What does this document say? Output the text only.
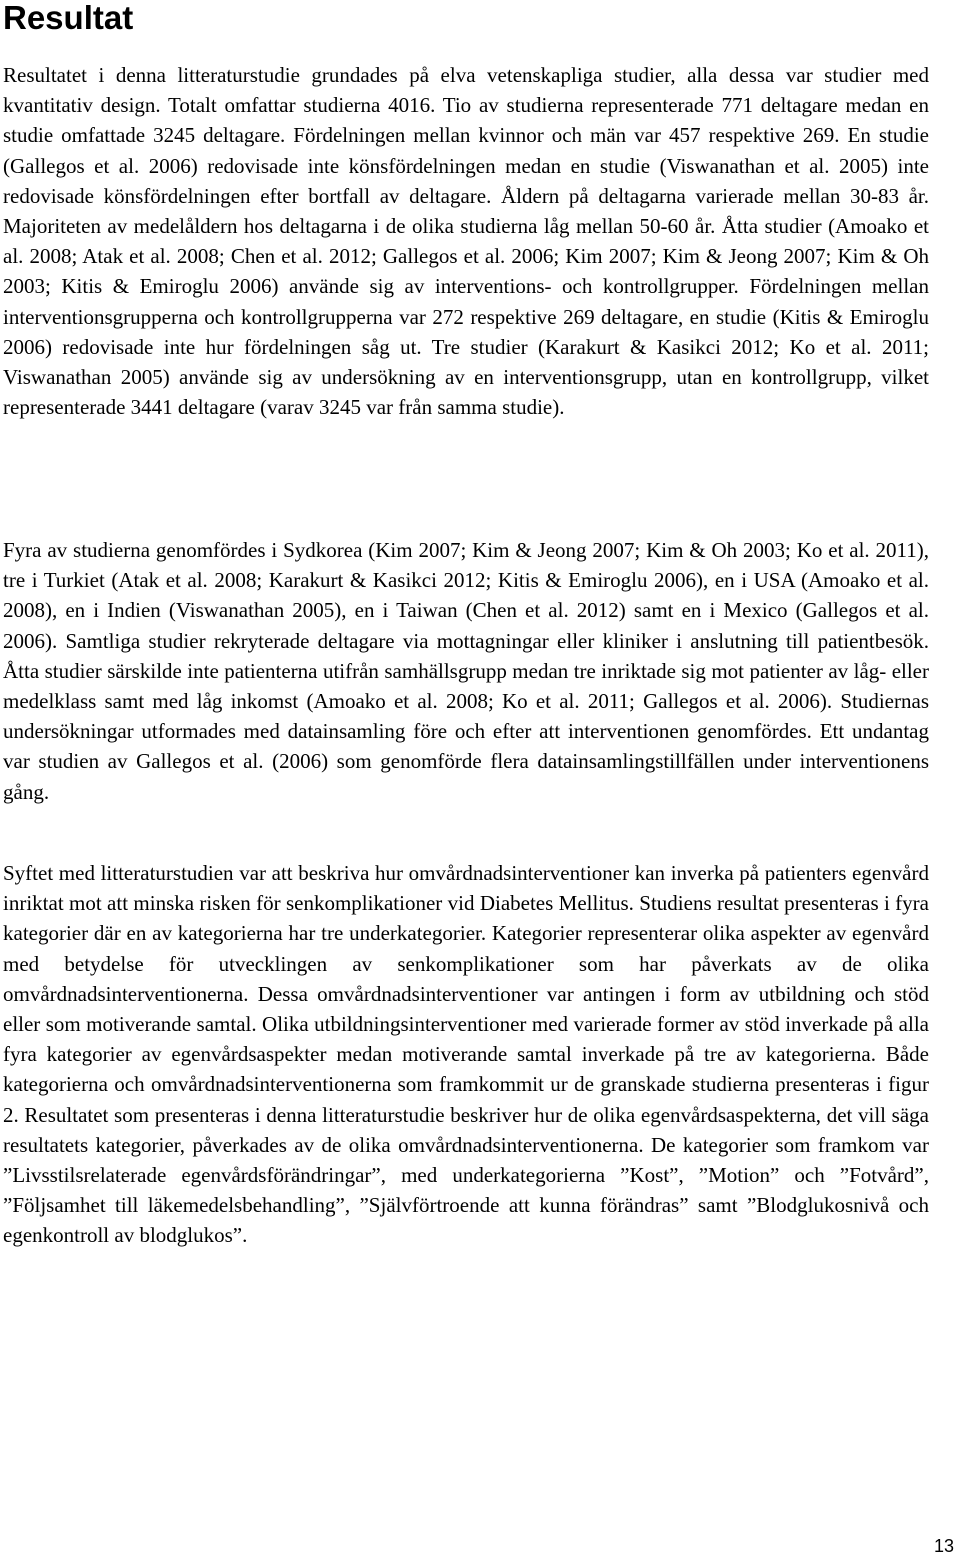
Resultat

Resultatet i denna litteraturstudie grundades på elva vetenskapliga studier, alla dessa var studier med kvantitativ design. Totalt omfattar studierna 4016. Tio av studierna representerade 771 deltagare medan en studie omfattade 3245 deltagare. Fördelningen mellan kvinnor och män var 457 respektive 269. En studie (Gallegos et al. 2006) redovisade inte könsfördelningen medan en studie (Viswanathan et al. 2005) inte redovisade könsfördelningen efter bortfall av deltagare. Åldern på deltagarna varierade mellan 30-83 år. Majoriteten av medelåldern hos deltagarna i de olika studierna låg mellan 50-60 år. Åtta studier (Amoako et al. 2008; Atak et al. 2008; Chen et al. 2012; Gallegos et al. 2006; Kim 2007; Kim & Jeong 2007; Kim & Oh 2003; Kitis & Emiroglu 2006) använde sig av interventions- och kontrollgrupper. Fördelningen mellan interventionsgrupperna och kontrollgrupperna var 272 respektive 269 deltagare, en studie (Kitis & Emiroglu 2006) redovisade inte hur fördelningen såg ut. Tre studier (Karakurt & Kasikci 2012; Ko et al. 2011; Viswanathan 2005) använde sig av undersökning av en interventionsgrupp, utan en kontrollgrupp, vilket representerade 3441 deltagare (varav 3245 var från samma studie).

Fyra av studierna genomfördes i Sydkorea (Kim 2007; Kim & Jeong 2007; Kim & Oh 2003; Ko et al. 2011), tre i Turkiet (Atak et al. 2008; Karakurt & Kasikci 2012; Kitis & Emiroglu 2006), en i USA (Amoako et al. 2008), en i Indien (Viswanathan 2005), en i Taiwan (Chen et al. 2012) samt en i Mexico (Gallegos et al. 2006). Samtliga studier rekryterade deltagare via mottagningar eller kliniker i anslutning till patientbesök. Åtta studier särskilde inte patienterna utifrån samhällsgrupp medan tre inriktade sig mot patienter av låg- eller medelklass samt med låg inkomst (Amoako et al. 2008; Ko et al. 2011; Gallegos et al. 2006). Studiernas undersökningar utformades med datainsamling före och efter att interventionen genomfördes. Ett undantag var studien av Gallegos et al. (2006) som genomförde flera datainsamlingstillfällen under interventionens gång.

Syftet med litteraturstudien var att beskriva hur omvårdnadsinterventioner kan inverka på patienters egenvård inriktat mot att minska risken för senkomplikationer vid Diabetes Mellitus. Studiens resultat presenteras i fyra kategorier där en av kategorierna har tre underkategorier. Kategorier representerar olika aspekter av egenvård med betydelse för utvecklingen av senkomplikationer som har påverkats av de olika omvårdnadsinterventionerna. Dessa omvårdnadsinterventioner var antingen i form av utbildning och stöd eller som motiverande samtal. Olika utbildningsinterventioner med varierade former av stöd inverkade på alla fyra kategorier av egenvårdsaspekter medan motiverande samtal inverkade på tre av kategorierna. Både kategorierna och omvårdnadsinterventionerna som framkommit ur de granskade studierna presenteras i figur 2. Resultatet som presenteras i denna litteraturstudie beskriver hur de olika egenvårdsaspekterna, det vill säga resultatets kategorier, påverkades av de olika omvårdnadsinterventionerna. De kategorier som framkom var ”Livsstilsrelaterade egenvårdsförändringar”, med underkategorierna ”Kost”, ”Motion” och ”Fotvård”, ”Följsamhet till läkemedelsbehandling”, ”Självförtroende att kunna förändras” samt ”Blodglukosnivå och egenkontroll av blodglukos”.

13
